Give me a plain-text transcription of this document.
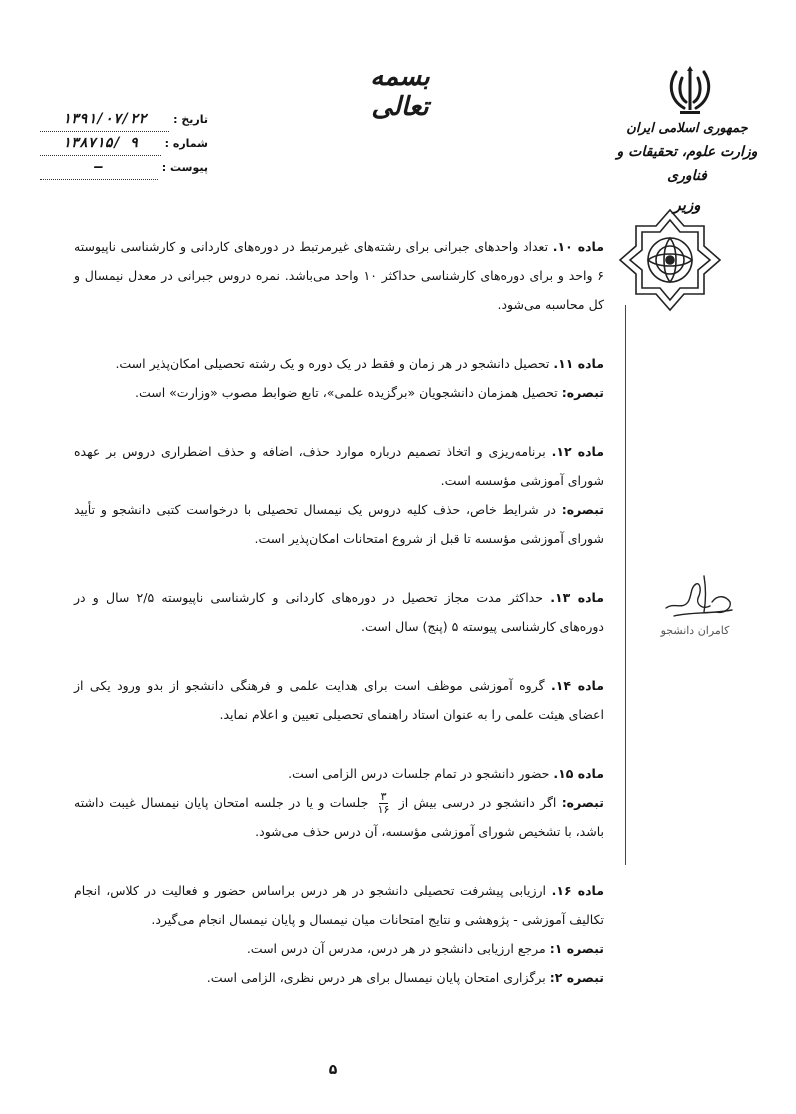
بسمه تعالی
تاریخ :
۱۳۹۱/۰۷/۲۲
شماره :
۱۳۸۷۱۵/ ۹
پیوست :
—
جمهوری اسلامی ایران
وزارت علوم، تحقیقات و فناوری
وزیر
کامران دانشجو

ماده ۱۰. تعداد واحدهای جبرانی برای رشته‌های غیرمرتبط در دوره‌های کاردانی و کارشناسی ناپیوسته ۶ واحد و برای دوره‌های کارشناسی حداکثر ۱۰ واحد می‌باشد. نمره دروس جبرانی در معدل نیمسال و کل محاسبه می‌شود.

ماده ۱۱. تحصیل دانشجو در هر زمان و فقط در یک دوره و یک رشته تحصیلی امکان‌پذیر است.

تبصره: تحصیل همزمان دانشجویان «برگزیده علمی»، تابع ضوابط مصوب «وزارت» است.

ماده ۱۲. برنامه‌ریزی و اتخاذ تصمیم درباره موارد حذف، اضافه و حذف اضطراری دروس بر عهده شورای آموزشی مؤسسه است.

تبصره: در شرایط خاص، حذف کلیه دروس یک نیمسال تحصیلی با درخواست کتبی دانشجو و تأیید شورای آموزشی مؤسسه تا قبل از شروع امتحانات امکان‌پذیر است.

ماده ۱۳. حداکثر مدت مجاز تحصیل در دوره‌های کاردانی و کارشناسی ناپیوسته ۲/۵ سال و در دوره‌های کارشناسی پیوسته ۵ (پنج) سال است.

ماده ۱۴. گروه آموزشی موظف است برای هدایت علمی و فرهنگی دانشجو از بدو ورود یکی از اعضای هیئت علمی را به عنوان استاد راهنمای تحصیلی تعیین و اعلام نماید.

ماده ۱۵. حضور دانشجو در تمام جلسات درس الزامی است.

تبصره: اگر دانشجو در درسی بیش از
$\frac{۳}{۱۶}$
جلسات و یا در جلسه امتحان پایان نیمسال غیبت داشته باشد، با تشخیص شورای آموزشی مؤسسه، آن درس حذف می‌شود.

ماده ۱۶. ارزیابی پیشرفت تحصیلی دانشجو در هر درس براساس حضور و فعالیت در کلاس، انجام تکالیف آموزشی - پژوهشی و نتایج امتحانات میان نیمسال و پایان نیمسال انجام می‌گیرد.

تبصره ۱: مرجع ارزیابی دانشجو در هر درس، مدرس آن درس است.

تبصره ۲: برگزاری امتحان پایان نیمسال برای هر درس نظری، الزامی است.

۵
